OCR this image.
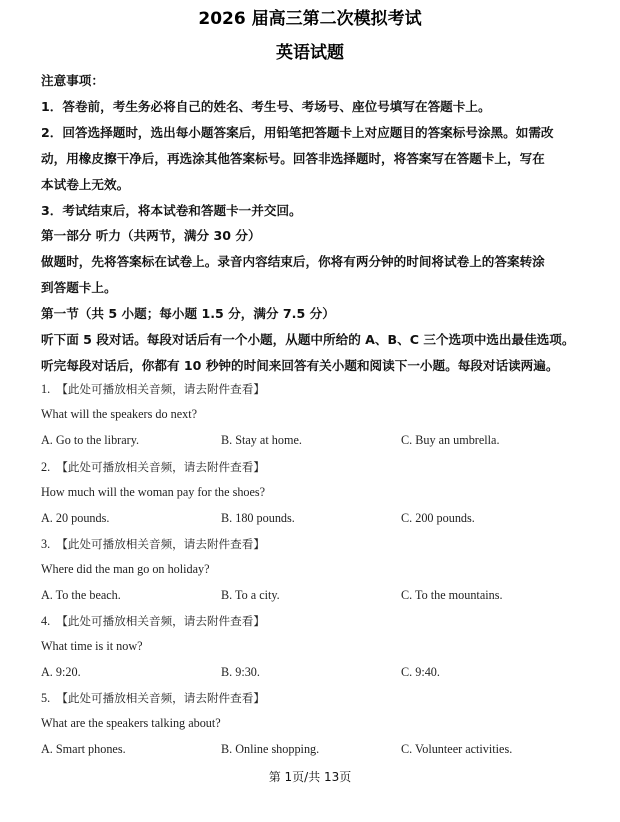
2026 届高三第二次模拟考试
英语试题
注意事项：
1．答卷前，考生务必将自己的姓名、考生号、考场号、座位号填写在答题卡上。
2．回答选择题时，选出每小题答案后，用铅笔把答题卡上对应题目的答案标号涂黑。如需改
动，用橡皮擦干净后，再选涂其他答案标号。回答非选择题时，将答案写在答题卡上，写在
本试卷上无效。
3．考试结束后，将本试卷和答题卡一并交回。
第一部分 听力（共两节，满分 30 分）
做题时，先将答案标在试卷上。录音内容结束后，你将有两分钟的时间将试卷上的答案转涂
到答题卡上。
第一节（共 5 小题；每小题 1.5 分，满分 7.5 分）
听下面 5 段对话。每段对话后有一个小题，从题中所给的 A、B、C 三个选项中选出最佳选项。
听完每段对话后，你都有 10 秒钟的时间来回答有关小题和阅读下一小题。每段对话读两遍。
1. 【此处可播放相关音频，请去附件查看】
What will the speakers do next?
A. Go to the library.	B. Stay at home.	C. Buy an umbrella.
2. 【此处可播放相关音频，请去附件查看】
How much will the woman pay for the shoes?
A. 20 pounds.	B. 180 pounds.	C. 200 pounds.
3. 【此处可播放相关音频，请去附件查看】
Where did the man go on holiday?
A. To the beach.	B. To a city.	C. To the mountains.
4. 【此处可播放相关音频，请去附件查看】
What time is it now?
A. 9:20.	B. 9:30.	C. 9:40.
5. 【此处可播放相关音频，请去附件查看】
What are the speakers talking about?
A. Smart phones.	B. Online shopping.	C. Volunteer activities.
第 1页/共 13页
